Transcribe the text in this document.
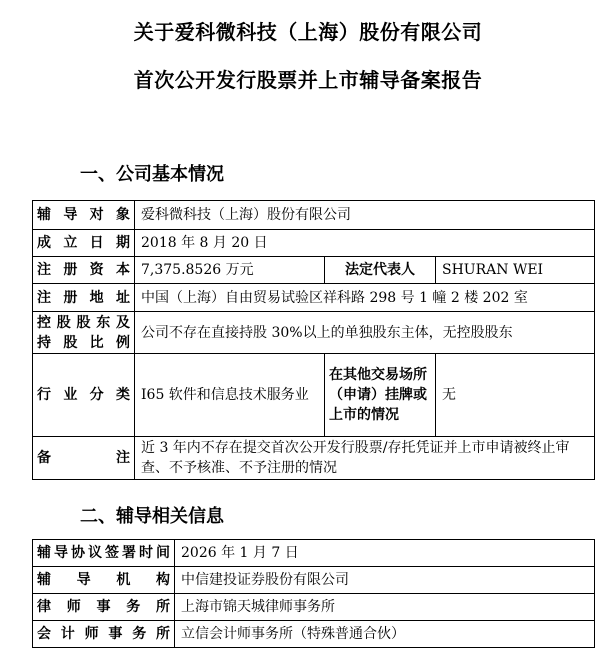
关于爱科微科技（上海）股份有限公司
首次公开发行股票并上市辅导备案报告
一、公司基本情况
辅导对象	爱科微科技（上海）股份有限公司		
成立日期	2018 年 8 月 20 日		
注册资本	7,375.8526 万元	法定代表人	SHURAN WEI
注册地址	中国（上海）自由贸易试验区祥科路 298 号 1 幢 2 楼 202 室		

控股股东及
持股比例	公司不存在直接持股 30%以上的单独股东主体，无控股股东		
行业分类	I65 软件和信息技术服务业	在其他交易场所（申请）挂牌或上市的情况	无

备 注	近 3 年内不存在提交首次公开发行股票/存托凭证并上市申请被终止审查、不予核准、不予注册的情况		
二、辅导相关信息
辅导协议签署时间	2026 年 1 月 7 日
辅导机构	中信建投证券股份有限公司
律师事务所	上海市锦天城律师事务所
会计师事务所	立信会计师事务所（特殊普通合伙）
